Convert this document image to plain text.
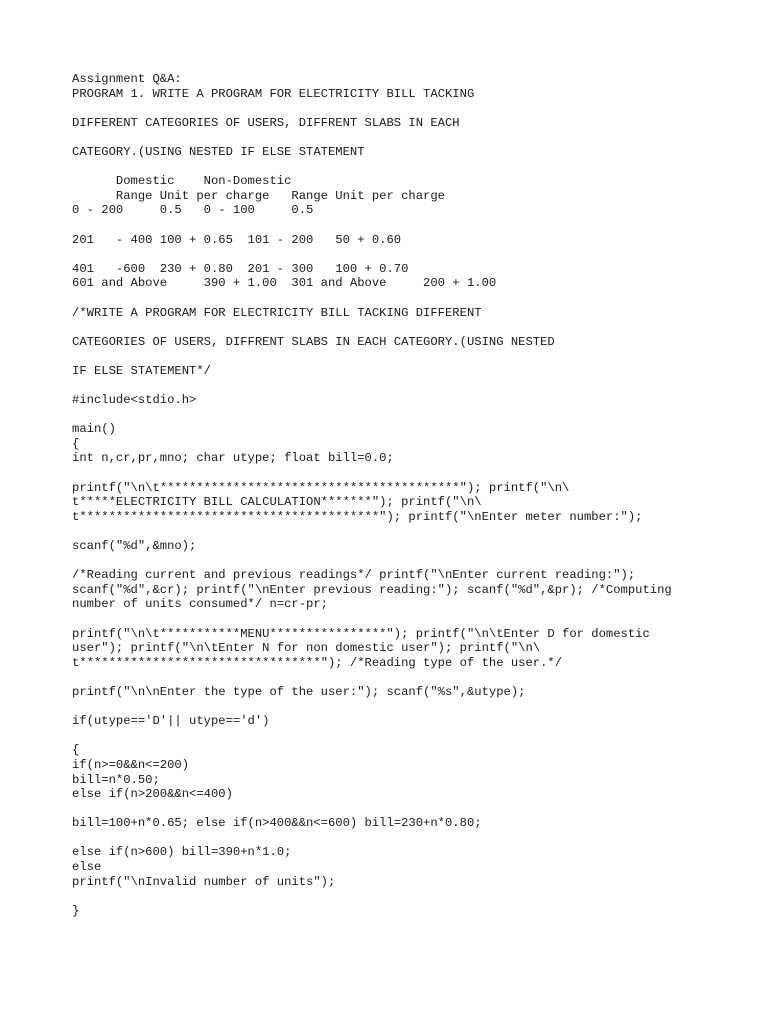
Assignment Q&A:
PROGRAM 1. WRITE A PROGRAM FOR ELECTRICITY BILL TACKING
DIFFERENT CATEGORIES OF USERS, DIFFRENT SLABS IN EACH
CATEGORY.(USING NESTED IF ELSE STATEMENT
Domestic    Non-Domestic
Range Unit per charge   Range Unit per charge
0 - 200     0.5   0 - 100     0.5
201   - 400 100 + 0.65  101 - 200   50 + 0.60
401   -600  230 + 0.80  201 - 300   100 + 0.70
601 and Above     390 + 1.00  301 and Above     200 + 1.00
/*WRITE A PROGRAM FOR ELECTRICITY BILL TACKING DIFFERENT
CATEGORIES OF USERS, DIFFRENT SLABS IN EACH CATEGORY.(USING NESTED
IF ELSE STATEMENT*/
#include<stdio.h>
main()
{
int n,cr,pr,mno; char utype; float bill=0.0;
printf("\n\t*****************************************"); printf("\n\
t*****ELECTRICITY BILL CALCULATION*******"); printf("\n\
t*****************************************"); printf("\nEnter meter number:");
scanf("%d",&mno);
/*Reading current and previous readings*/ printf("\nEnter current reading:");
scanf("%d",&cr); printf("\nEnter previous reading:"); scanf("%d",&pr); /*Computing
number of units consumed*/ n=cr-pr;
printf("\n\t***********MENU****************"); printf("\n\tEnter D for domestic
user"); printf("\n\tEnter N for non domestic user"); printf("\n\
t*********************************"); /*Reading type of the user.*/
printf("\n\nEnter the type of the user:"); scanf("%s",&utype);
if(utype=='D'|| utype=='d')
{
if(n>=0&&n<=200)
bill=n*0.50;
else if(n>200&&n<=400)
bill=100+n*0.65; else if(n>400&&n<=600) bill=230+n*0.80;
else if(n>600) bill=390+n*1.0;
else
printf("\nInvalid number of units");
}
